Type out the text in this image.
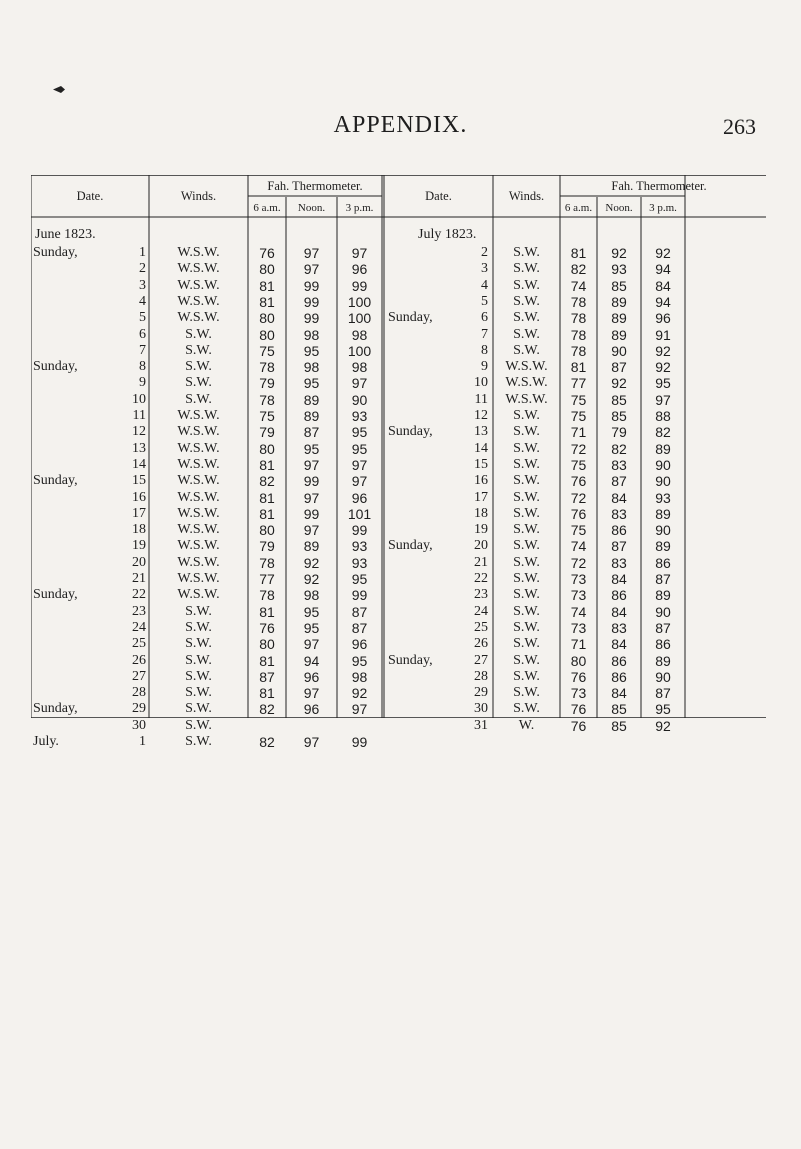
APPENDIX.	263
Date.	Winds.
Fah. Thermometer.
6 a.m.	Noon.	3 p.m.
Date.	Winds.
Fah. Thermometer.
6 a.m.	Noon.	3 p.m.
June 1823.
Sunday,	1	W.S.W.	76	97	97
2	W.S.W.	80	97	96
3	W.S.W.	81	99	99
4	W.S.W.	81	99	100
5	W.S.W.	80	99	100
6	S.W.	80	98	98
7	S.W.	75	95	100
Sunday,	8	S.W.	78	98	98
9	S.W.	79	95	97
10	S.W.	78	89	90
11	W.S.W.	75	89	93
12	W.S.W.	79	87	95
13	W.S.W.	80	95	95
14	W.S.W.	81	97	97
Sunday,	15	W.S.W.	82	99	97
16	W.S.W.	81	97	96
17	W.S.W.	81	99	101
18	W.S.W.	80	97	99
19	W.S.W.	79	89	93
20	W.S.W.	78	92	93
21	W.S.W.	77	92	95
Sunday,	22	W.S.W.	78	98	99
23	S.W.	81	95	87
24	S.W.	76	95	87
25	S.W.	80	97	96
26	S.W.	81	94	95
27	S.W.	87	96	98
28	S.W.	81	97	92
Sunday,	29	S.W.	82	96	97
30	S.W.
July.	1	S.W.	82	97	99
July 1823.
2	S.W.	81	92	92
3	S.W.	82	93	94
4	S.W.	74	85	84
5	S.W.	78	89	94
Sunday,	6	S.W.	78	89	96
7	S.W.	78	89	91
8	S.W.	78	90	92
9	W.S.W.	81	87	92
10	W.S.W.	77	92	95
11	W.S.W.	75	85	97
12	S.W.	75	85	88
Sunday,	13	S.W.	71	79	82
14	S.W.	72	82	89
15	S.W.	75	83	90
16	S.W.	76	87	90
17	S.W.	72	84	93
18	S.W.	76	83	89
19	S.W.	75	86	90
Sunday,	20	S.W.	74	87	89
21	S.W.	72	83	86
22	S.W.	73	84	87
23	S.W.	73	86	89
24	S.W.	74	84	90
25	S.W.	73	83	87
26	S.W.	71	84	86
Sunday,	27	S.W.	80	86	89
28	S.W.	76	86	90
29	S.W.	73	84	87
30	S.W.	76	85	95
31	W.	76	85	92
